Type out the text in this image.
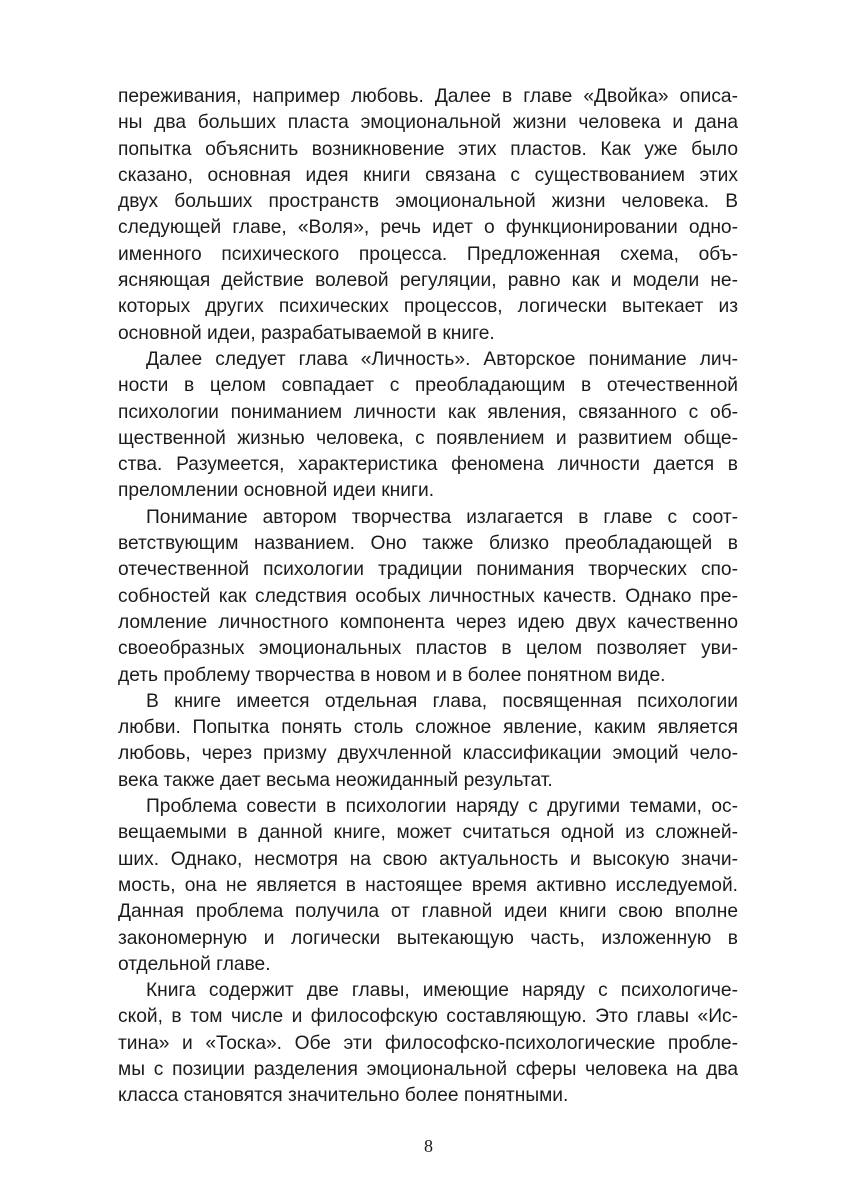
переживания, например любовь. Далее в главе «Двойка» описа-
ны два больших пласта эмоциональной жизни человека и дана
попытка объяснить возникновение этих пластов. Как уже было
сказано, основная идея книги связана с существованием этих
двух больших пространств эмоциональной жизни человека. В
следующей главе, «Воля», речь идет о функционировании одно-
именного психического процесса. Предложенная схема, объ-
ясняющая действие волевой регуляции, равно как и модели не-
которых других психических процессов, логически вытекает из
основной идеи, разрабатываемой в книге.
Далее следует глава «Личность». Авторское понимание лич-
ности в целом совпадает с преобладающим в отечественной
психологии пониманием личности как явления, связанного с об-
щественной жизнью человека, с появлением и развитием обще-
ства. Разумеется, характеристика феномена личности дается в
преломлении основной идеи книги.
Понимание автором творчества излагается в главе с соот-
ветствующим названием. Оно также близко преобладающей в
отечественной психологии традиции понимания творческих спо-
собностей как следствия особых личностных качеств. Однако пре-
ломление личностного компонента через идею двух качественно
своеобразных эмоциональных пластов в целом позволяет уви-
деть проблему творчества в новом и в более понятном виде.
В книге имеется отдельная глава, посвященная психологии
любви. Попытка понять столь сложное явление, каким является
любовь, через призму двухчленной классификации эмоций чело-
века также дает весьма неожиданный результат.
Проблема совести в психологии наряду с другими темами, ос-
вещаемыми в данной книге, может считаться одной из сложней-
ших. Однако, несмотря на свою актуальность и высокую значи-
мость, она не является в настоящее время активно исследуемой.
Данная проблема получила от главной идеи книги свою вполне
закономерную и логически вытекающую часть, изложенную в
отдельной главе.
Книга содержит две главы, имеющие наряду с психологиче-
ской, в том числе и философскую составляющую. Это главы «Ис-
тина» и «Тоска». Обе эти философско-психологические пробле-
мы с позиции разделения эмоциональной сферы человека на два
класса становятся значительно более понятными.
8
